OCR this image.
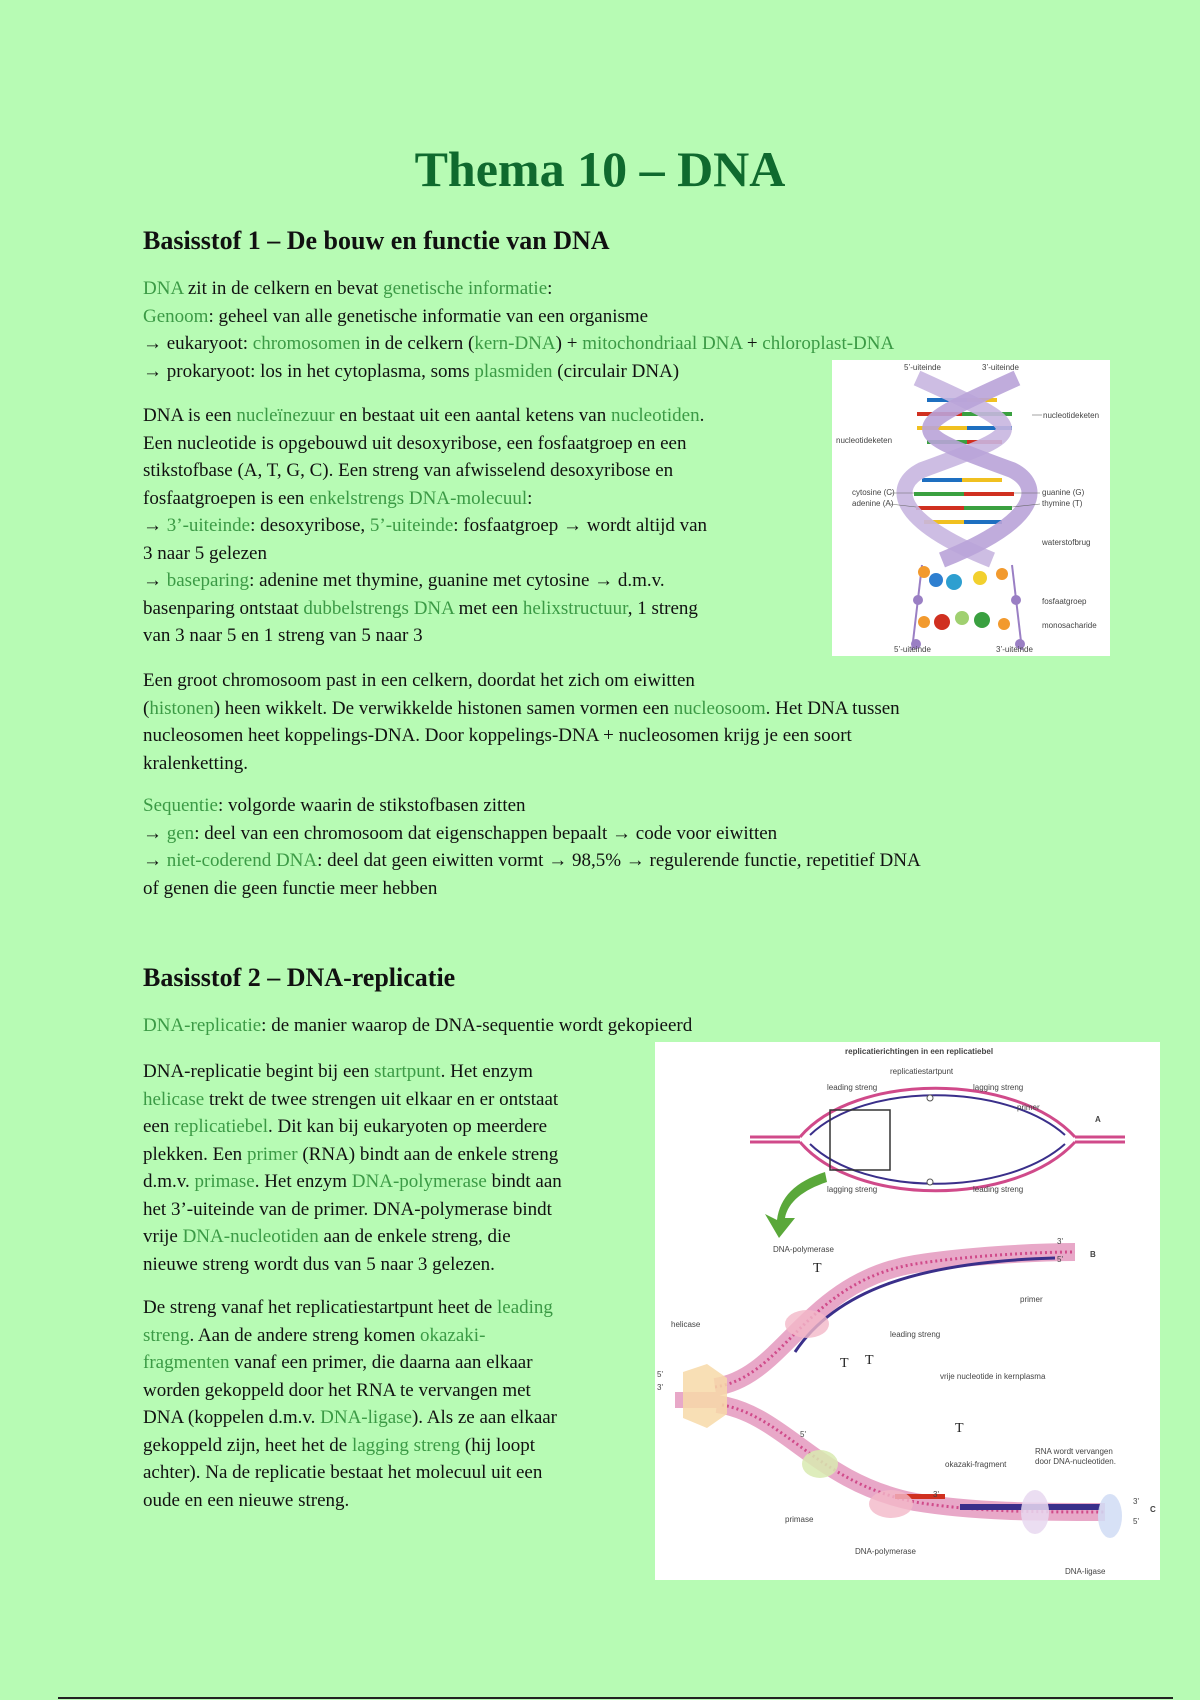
Thema 10 – DNA
Basisstof 1 – De bouw en functie van DNA
DNA zit in de celkern en bevat genetische informatie:
Genoom: geheel van alle genetische informatie van een organisme
→ eukaryoot: chromosomen in de celkern (kern-DNA) + mitochondriaal DNA + chloroplast-DNA
→ prokaryoot: los in het cytoplasma, soms plasmiden (circulair DNA)
DNA is een nucleïnezuur en bestaat uit een aantal ketens van nucleotiden.
Een nucleotide is opgebouwd uit desoxyribose, een fosfaatgroep en een
stikstofbase (A, T, G, C). Een streng van afwisselend desoxyribose en
fosfaatgroepen is een enkelstrengs DNA-molecuul:
→ 3’-uiteinde: desoxyribose, 5’-uiteinde: fosfaatgroep → wordt altijd van
3 naar 5 gelezen
→ baseparing: adenine met thymine, guanine met cytosine → d.m.v.
basenparing ontstaat dubbelstrengs DNA met een helixstructuur, 1 streng
van 3 naar 5 en 1 streng van 5 naar 3
5’-uiteinde	3’-uiteinde
nucleotideketen
nucleotideketen
cytosine (C)
adenine (A)
guanine (G)
thymine (T)
waterstofbrug
fosfaatgroep
monosacharide
5’-uiteinde	3’-uiteinde
Een groot chromosoom past in een celkern, doordat het zich om eiwitten
(histonen) heen wikkelt. De verwikkelde histonen samen vormen een nucleosoom. Het DNA tussen
nucleosomen heet koppelings-DNA. Door koppelings-DNA + nucleosomen krijg je een soort
kralenketting.
Sequentie: volgorde waarin de stikstofbasen zitten
→ gen: deel van een chromosoom dat eigenschappen bepaalt → code voor eiwitten
→ niet-coderend DNA: deel dat geen eiwitten vormt → 98,5% → regulerende functie, repetitief DNA
of genen die geen functie meer hebben
Basisstof 2 – DNA-replicatie
DNA-replicatie: de manier waarop de DNA-sequentie wordt gekopieerd
DNA-replicatie begint bij een startpunt. Het enzym
helicase trekt de twee strengen uit elkaar en er ontstaat
een replicatiebel. Dit kan bij eukaryoten op meerdere
plekken. Een primer (RNA) bindt aan de enkele streng
d.m.v. primase. Het enzym DNA-polymerase bindt aan
het 3’-uiteinde van de primer. DNA-polymerase bindt
vrije DNA-nucleotiden aan de enkele streng, die
nieuwe streng wordt dus van 5 naar 3 gelezen.
De streng vanaf het replicatiestartpunt heet de leading
streng. Aan de andere streng komen okazaki-
fragmenten vanaf een primer, die daarna aan elkaar
worden gekoppeld door het RNA te vervangen met
DNA (koppelen d.m.v. DNA-ligase). Als ze aan elkaar
gekoppeld zijn, heet het de lagging streng (hij loopt
achter). Na de replicatie bestaat het molecuul uit een
oude en een nieuwe streng.
replicatierichtingen in een replicatiebel
replicatiestartpunt
leading streng	lagging streng
primer
lagging streng	leading streng
A
T
T T
T
DNA-polymerase
B
3'
5'
primer
helicase
leading streng
vrije nucleotide in kernplasma
5'
3'
okazaki-fragment
RNA wordt vervangen
door DNA-nucleotiden.
primase
DNA-polymerase
C
3'
5'
DNA-ligase
5'
3'
